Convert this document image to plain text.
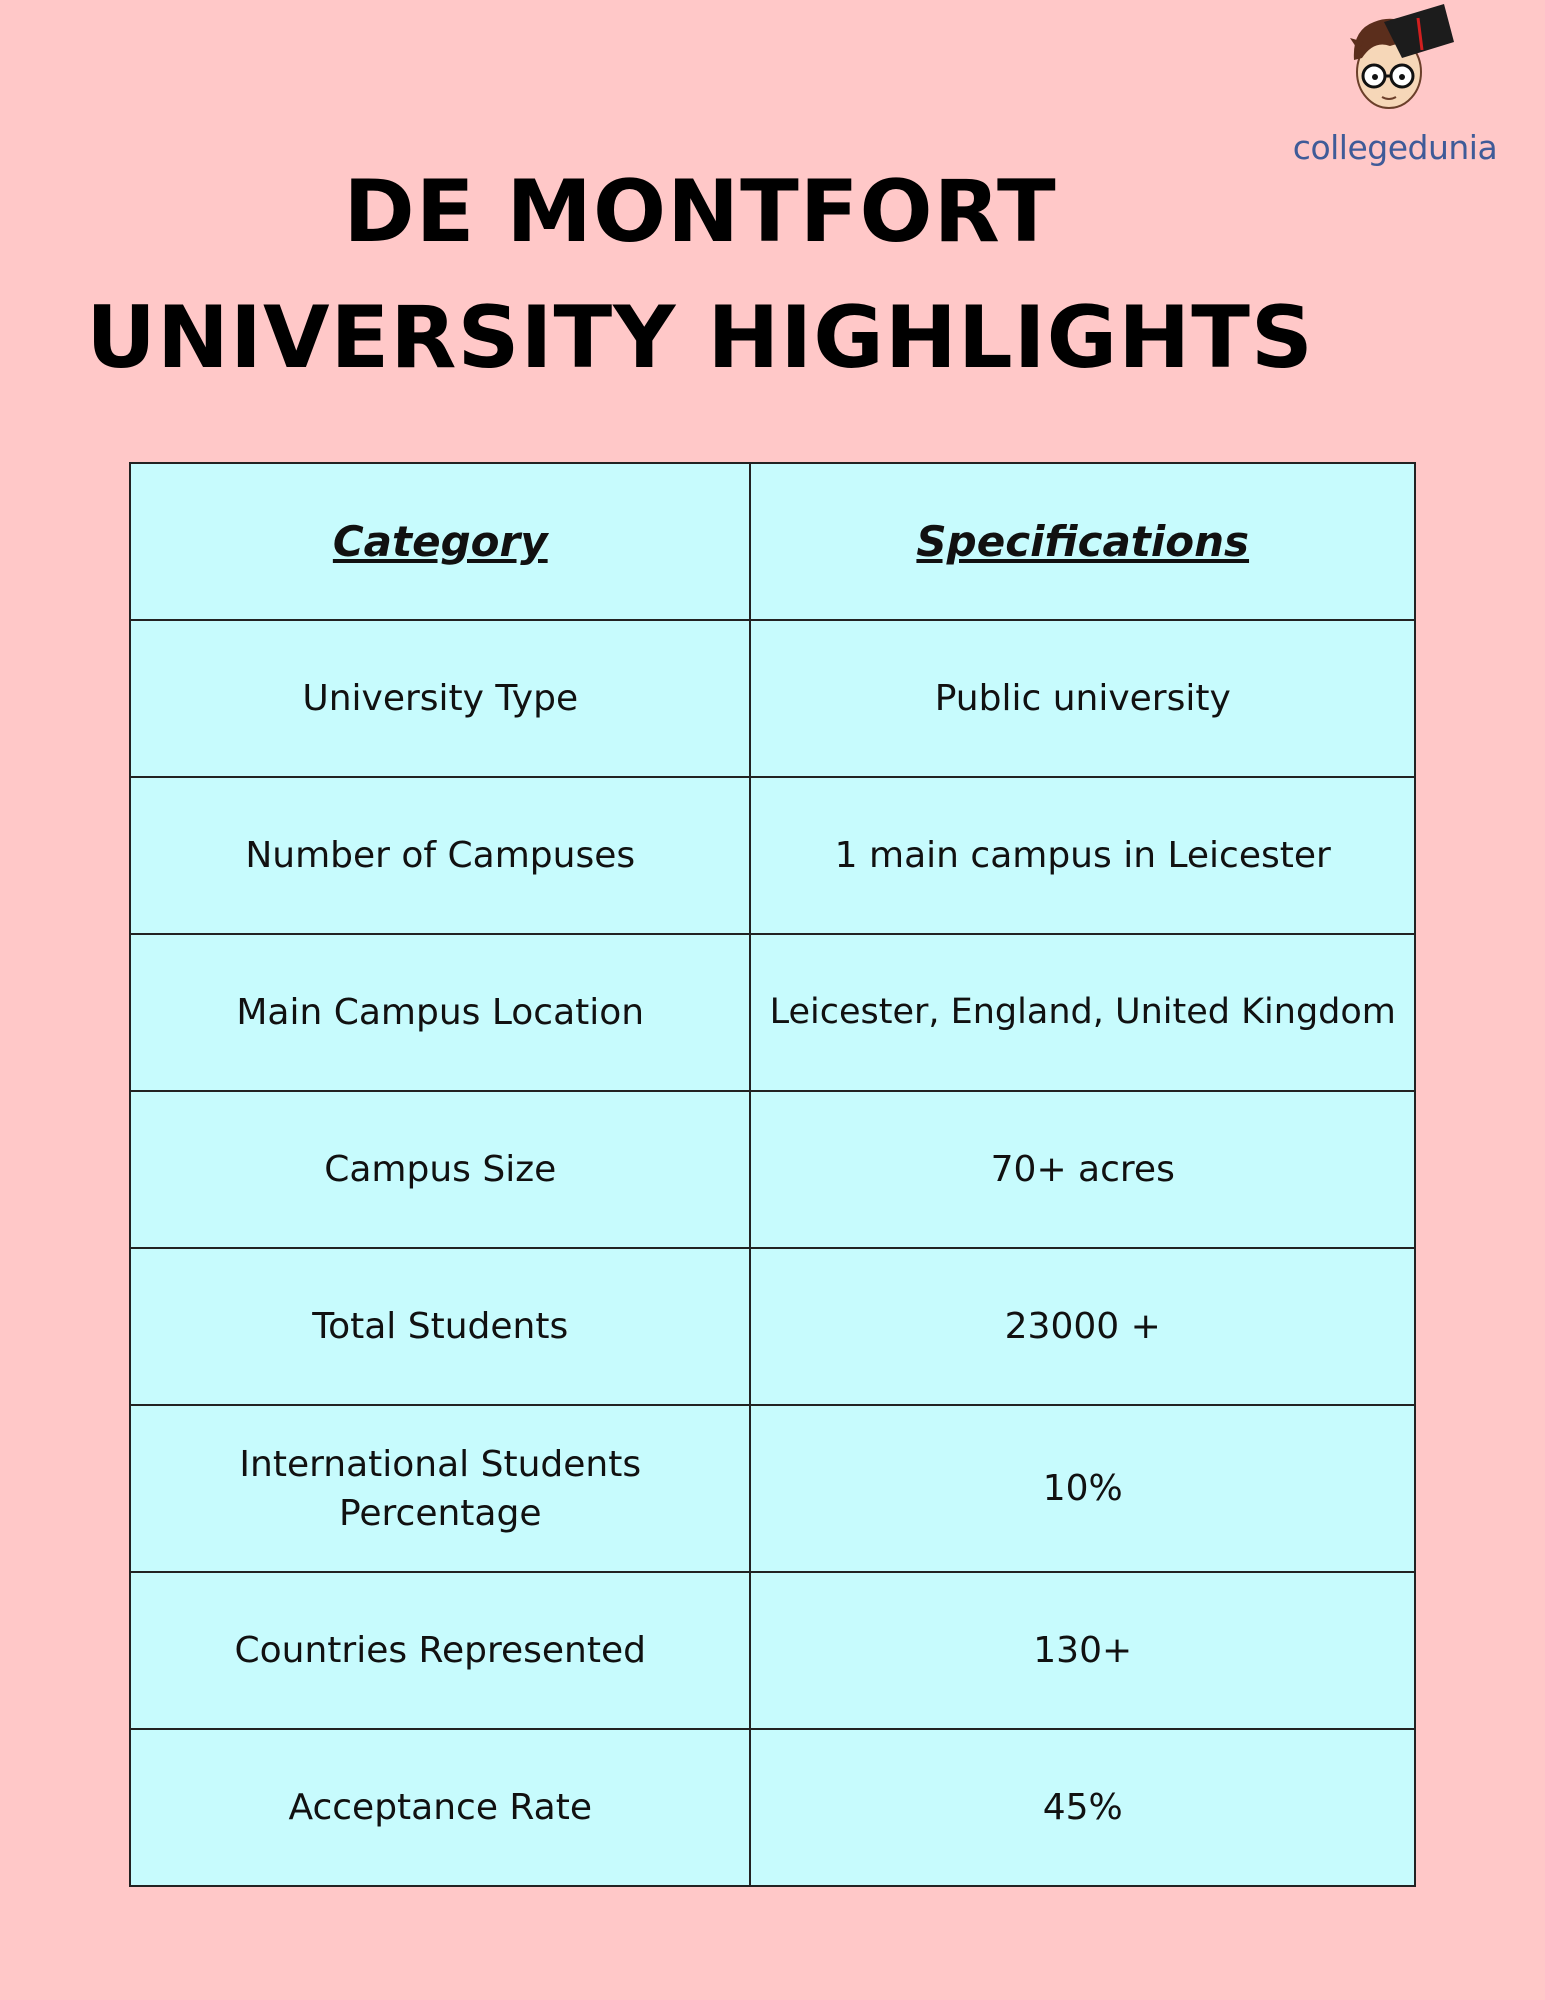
collegedunia
DE MONTFORT
UNIVERSITY HIGHLIGHTS
Category	Specifications
University Type	Public university
Number of Campuses	1 main campus in Leicester
Main Campus Location	Leicester, England, United Kingdom
Campus Size	70+ acres
Total Students	23000 +
International Students Percentage	10%
Countries Represented	130+
Acceptance Rate	45%
